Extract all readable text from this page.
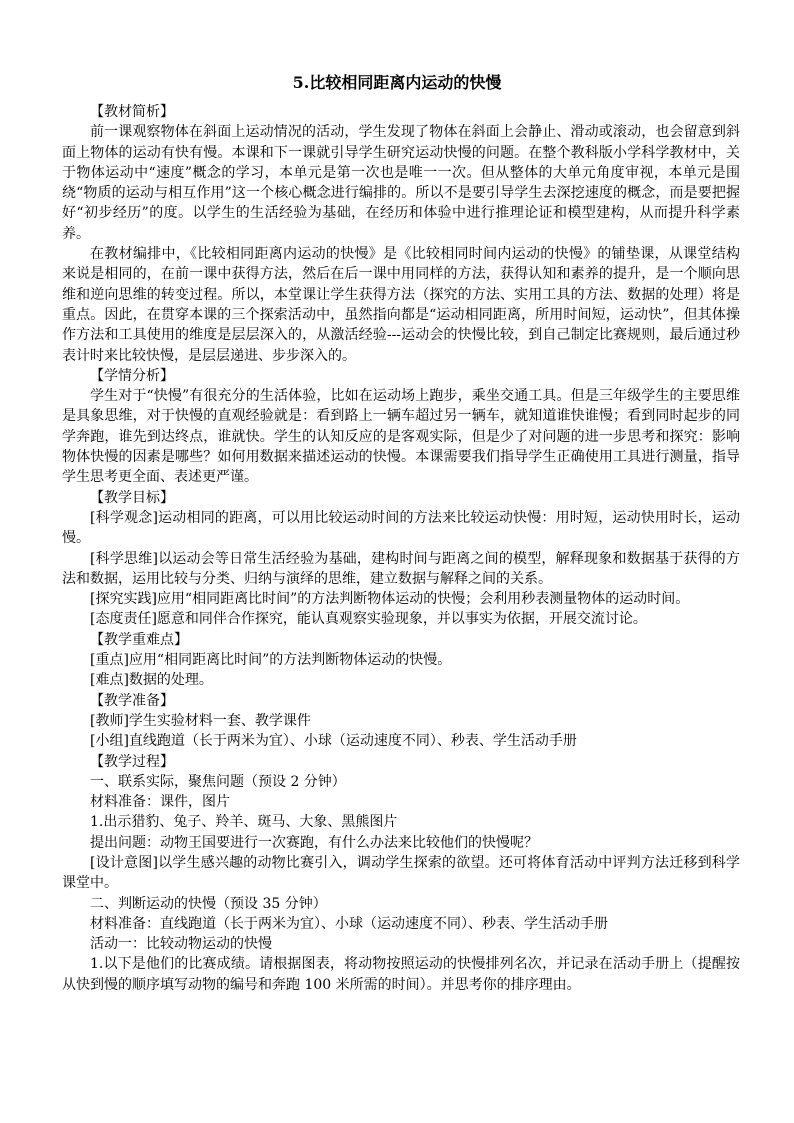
5.比较相同距离内运动的快慢

【教材简析】

前一课观察物体在斜面上运动情况的活动，学生发现了物体在斜面上会静止、滑动或滚动，也会留意到斜面上物体的运动有快有慢。本课和下一课就引导学生研究运动快慢的问题。在整个教科版小学科学教材中，关于物体运动中“速度”概念的学习，本单元是第一次也是唯一一次。但从整体的大单元角度审视，本单元是围绕“物质的运动与相互作用”这一个核心概念进行编排的。所以不是要引导学生去深挖速度的概念，而是要把握好“初步经历”的度。以学生的生活经验为基础，在经历和体验中进行推理论证和模型建构，从而提升科学素养。

在教材编排中，《比较相同距离内运动的快慢》是《比较相同时间内运动的快慢》的铺垫课，从课堂结构来说是相同的，在前一课中获得方法，然后在后一课中用同样的方法，获得认知和素养的提升，是一个顺向思维和逆向思维的转变过程。所以，本堂课让学生获得方法（探究的方法、实用工具的方法、数据的处理）将是重点。因此，在贯穿本课的三个探索活动中，虽然指向都是“运动相同距离，所用时间短，运动快”，但其体操作方法和工具使用的维度是层层深入的，从激活经验---运动会的快慢比较，到自己制定比赛规则，最后通过秒表计时来比较快慢，是层层递进、步步深入的。

【学情分析】

学生对于“快慢”有很充分的生活体验，比如在运动场上跑步，乘坐交通工具。但是三年级学生的主要思维是具象思维，对于快慢的直观经验就是：看到路上一辆车超过另一辆车，就知道谁快谁慢；看到同时起步的同学奔跑，谁先到达终点，谁就快。学生的认知反应的是客观实际，但是少了对问题的进一步思考和探究：影响物体快慢的因素是哪些？如何用数据来描述运动的快慢。本课需要我们指导学生正确使用工具进行测量，指导学生思考更全面、表述更严谨。

【教学目标】

[科学观念]运动相同的距离，可以用比较运动时间的方法来比较运动快慢：用时短，运动快用时长，运动慢。

[科学思维]以运动会等日常生活经验为基础，建构时间与距离之间的模型，解释现象和数据基于获得的方法和数据，运用比较与分类、归纳与演绎的思维，建立数据与解释之间的关系。

[探究实践]应用“相同距离比时间”的方法判断物体运动的快慢；会利用秒表测量物体的运动时间。

[态度责任]愿意和同伴合作探究，能认真观察实验现象，并以事实为依据，开展交流讨论。

【教学重难点】

[重点]应用“相同距离比时间”的方法判断物体运动的快慢。

[难点]数据的处理。

【教学准备】

[教师]学生实验材料一套、教学课件

[小组]直线跑道（长于两米为宜）、小球（运动速度不同）、秒表、学生活动手册

【教学过程】

一、联系实际，聚焦问题（预设 2 分钟）

材料准备：课件，图片

1.出示猎豹、兔子、羚羊、斑马、大象、黑熊图片

提出问题：动物王国要进行一次赛跑，有什么办法来比较他们的快慢呢？

[设计意图]以学生感兴趣的动物比赛引入，调动学生探索的欲望。还可将体育活动中评判方法迁移到科学课堂中。

二、判断运动的快慢（预设 35 分钟）

材料准备：直线跑道（长于两米为宜）、小球（运动速度不同）、秒表、学生活动手册

活动一：比较动物运动的快慢

1.以下是他们的比赛成绩。请根据图表，将动物按照运动的快慢排列名次，并记录在活动手册上（提醒按从快到慢的顺序填写动物的编号和奔跑 100 米所需的时间）。并思考你的排序理由。
